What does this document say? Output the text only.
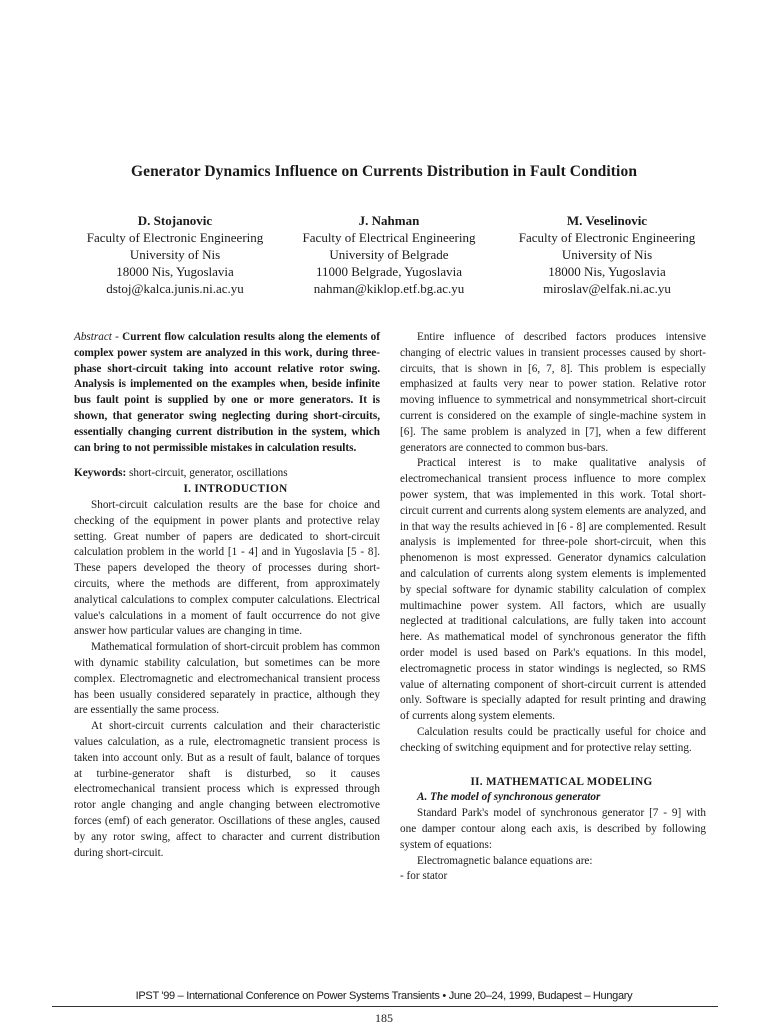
Generator Dynamics Influence on Currents Distribution in Fault Condition
D. Stojanovic
Faculty of Electronic Engineering
University of Nis
18000 Nis, Yugoslavia
dstoj@kalca.junis.ni.ac.yu
J. Nahman
Faculty of Electrical Engineering
University of Belgrade
11000 Belgrade, Yugoslavia
nahman@kiklop.etf.bg.ac.yu
M. Veselinovic
Faculty of Electronic Engineering
University of Nis
18000 Nis, Yugoslavia
miroslav@elfak.ni.ac.yu

Abstract - Current flow calculation results along the elements of complex power system are analyzed in this work, during three-phase short-circuit taking into account relative rotor swing. Analysis is implemented on the examples when, beside infinite bus fault point is supplied by one or more generators. It is shown, that generator swing neglecting during short-circuits, essentially changing current distribution in the system, which can bring to not permissible mistakes in calculation results.

Keywords: short-circuit, generator, oscillations

I. INTRODUCTION

Short-circuit calculation results are the base for choice and checking of the equipment in power plants and protective relay setting. Great number of papers are dedicated to short-circuit calculation problem in the world [1 - 4] and in Yugoslavia [5 - 8]. These papers developed the theory of processes during short-circuits, where the methods are different, from approximately analytical calculations to complex computer calculations. Electrical value's calculations in a moment of fault occurrence do not give answer how particular values are changing in time.

Mathematical formulation of short-circuit problem has common with dynamic stability calculation, but sometimes can be more complex. Electromagnetic and electromechanical transient process has been usually considered separately in practice, although they are essentially the same process.

At short-circuit currents calculation and their characteristic values calculation, as a rule, electromagnetic transient process is taken into account only. But as a result of fault, balance of torques at turbine-generator shaft is disturbed, so it causes electromechanical transient process which is expressed through rotor angle changing and angle changing between electromotive forces (emf) of each generator. Oscillations of these angles, caused by any rotor swing, affect to character and current distribution during short-circuit.

Entire influence of described factors produces intensive changing of electric values in transient processes caused by short-circuits, that is shown in [6, 7, 8]. This problem is especially emphasized at faults very near to power station. Relative rotor moving influence to symmetrical and nonsymmetrical short-circuit current is considered on the example of single-machine system in [6]. The same problem is analyzed in [7], when a few different generators are connected to common bus-bars.

Practical interest is to make qualitative analysis of electromechanical transient process influence to more complex power system, that was implemented in this work. Total short-circuit current and currents along system elements are analyzed, and in that way the results achieved in [6 - 8] are complemented. Result analysis is implemented for three-pole short-circuit, when this phenomenon is most expressed. Generator dynamics calculation and calculation of currents along system elements is implemented by special software for dynamic stability calculation of complex multimachine power system. All factors, which are usually neglected at traditional calculations, are fully taken into account here. As mathematical model of synchronous generator the fifth order model is used based on Park's equations. In this model, electromagnetic process in stator windings is neglected, so RMS value of alternating component of short-circuit current is attended only. Software is specially adapted for result printing and drawing of currents along system elements.

Calculation results could be practically useful for choice and checking of switching equipment and for protective relay setting.

II. MATHEMATICAL MODELING

A. The model of synchronous generator

Standard Park's model of synchronous generator [7 - 9] with one damper contour along each axis, is described by following system of equations:

Electromagnetic balance equations are:

- for stator

IPST '99 – International Conference on Power Systems Transients • June 20–24, 1999, Budapest – Hungary
185
